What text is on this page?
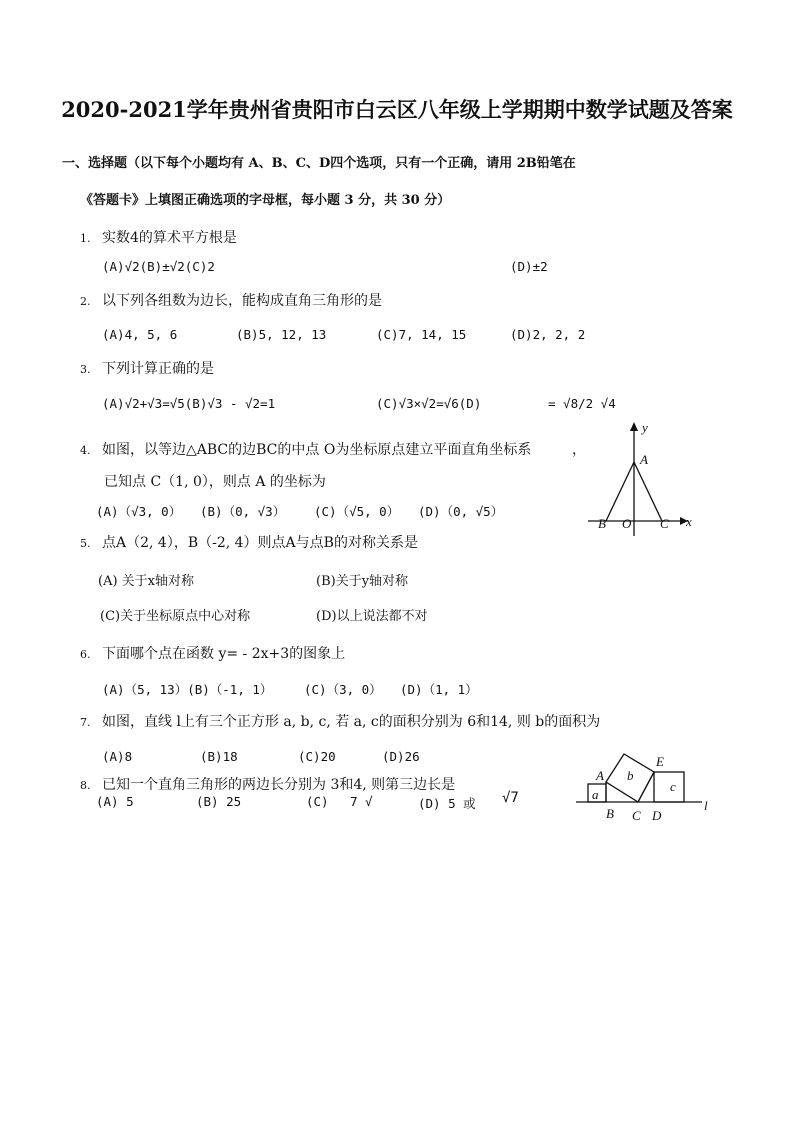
2020-2021学年贵州省贵阳市白云区八年级上学期期中数学试题及答案
一、选择题（以下每个小题均有 A、B、C、D四个选项，只有一个正确，请用 2B铅笔在
《答题卡》上填图正确选项的字母框，每小题 3 分，共 30 分）
1. 实数4的算术平方根是
(A)√2(B)±√2(C)2	(D)±2
2. 以下列各组数为边长，能构成直角三角形的是
(A)4, 5, 6	(B)5, 12, 13	(C)7, 14, 15	(D)2, 2, 2
3. 下列计算正确的是
(A)√2+√3=√5(B)√3 - √2=1	(C)√3×√2=√6(D)	= √8/2 √4
4. 如图，以等边△ABC的边BC的中点 O为坐标原点建立平面直角坐标系	，
已知点 C（1, 0），则点 A 的坐标为
(A)（√3, 0） (B)（0, √3） (C)（√5, 0） (D)（0, √5）
y
x
A
B O C
5. 点A（2, 4），B（-2, 4）则点A与点B的对称关系是
(A) 关于x轴对称	(B)关于y轴对称
(C)关于坐标原点中心对称	(D)以上说法都不对
6. 下面哪个点在函数 y= - 2x+3的图象上
(A)（5, 13）(B)（-1, 1）	(C)（3, 0） (D)（1, 1）
7. 如图，直线 l上有三个正方形 a, b, c, 若 a, c的面积分别为 6和14, 则 b的面积为
(A)8	(B)18	(C)20	(D)26
8. 已知一个直角三角形的两边长分别为 3和4, 则第三边长是
(A) 5	(B) 25	(C) 7 √	(D) 5 或 √7
A
a
b
E
c
B C D
l
